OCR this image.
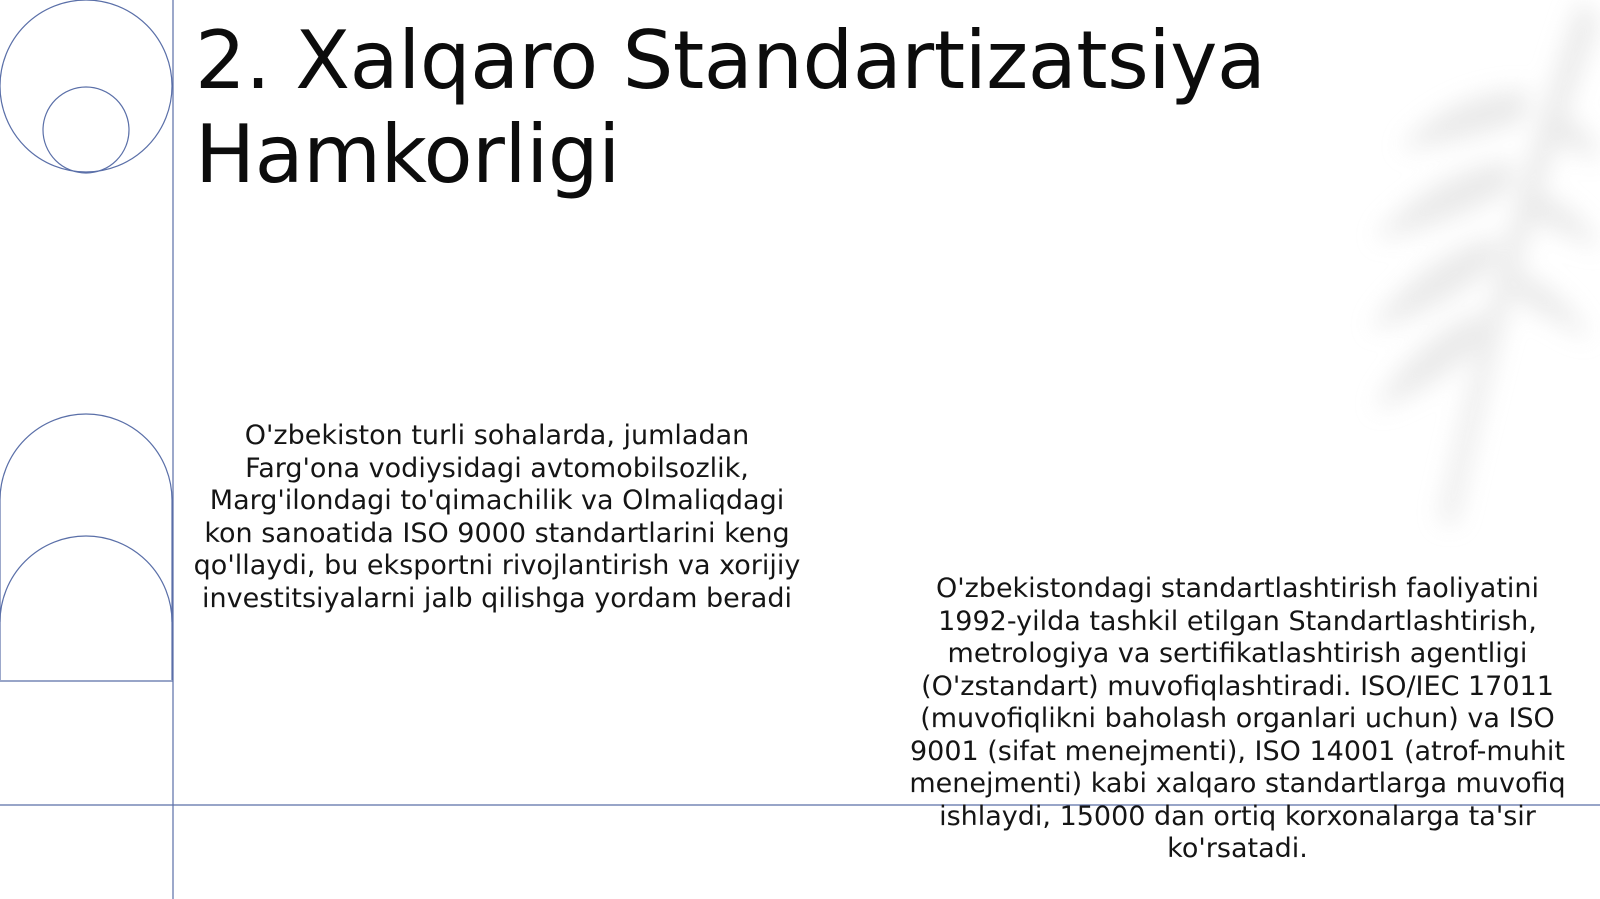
2. Xalqaro Standartizatsiya Hamkorligi

O'zbekiston turli sohalarda, jumladan Farg'ona vodiysidagi avtomobilsozlik, Marg'ilondagi to'qimachilik va Olmaliqdagi kon sanoatida ISO 9000 standartlarini keng qo'llaydi, bu eksportni rivojlantirish va xorijiy investitsiyalarni jalb qilishga yordam beradi	O'zbekistondagi standartlashtirish faoliyatini 1992-yilda tashkil etilgan Standartlashtirish, metrologiya va sertifikatlashtirish agentligi (O'zstandart) muvofiqlashtiradi. ISO/IEC 17011 (muvofiqlikni baholash organlari uchun) va ISO 9001 (sifat menejmenti), ISO 14001 (atrof-muhit menejmenti) kabi xalqaro standartlarga muvofiq ishlaydi, 15000 dan ortiq korxonalarga ta'sir ko'rsatadi.
